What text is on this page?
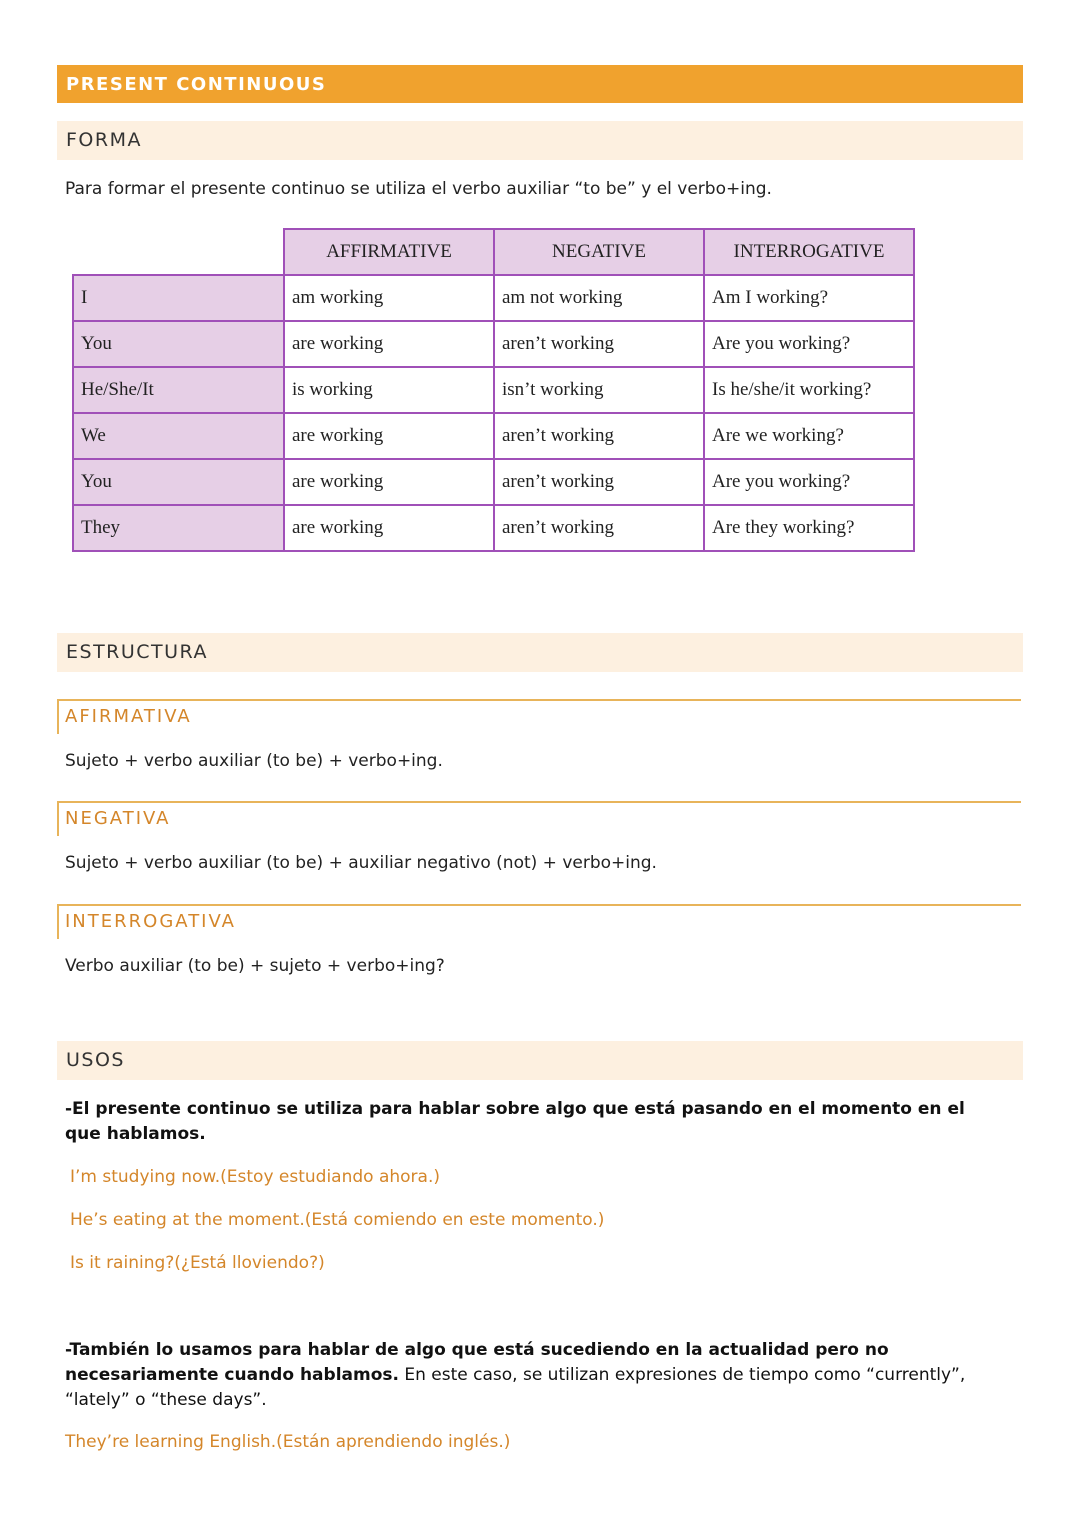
PRESENT CONTINUOUS
FORMA
Para formar el presente continuo se utiliza el verbo auxiliar “to be” y el verbo+ing.
	AFFIRMATIVE	NEGATIVE	INTERROGATIVE
I	am working	am not working	Am I working?
You	are working	aren’t working	Are you working?
He/She/It	is working	isn’t working	Is he/she/it working?
We	are working	aren’t working	Are we working?
You	are working	aren’t working	Are you working?
They	are working	aren’t working	Are they working?
ESTRUCTURA
AFIRMATIVA
Sujeto + verbo auxiliar (to be) + verbo+ing.
NEGATIVA
Sujeto + verbo auxiliar (to be) + auxiliar negativo (not) + verbo+ing.
INTERROGATIVA
Verbo auxiliar (to be) + sujeto + verbo+ing?
USOS
-El presente continuo se utiliza para hablar sobre algo que está pasando en el momento en el que hablamos.
I’m studying now.(Estoy estudiando ahora.)
He’s eating at the moment.(Está comiendo en este momento.)
Is it raining?(¿Está lloviendo?)
-También lo usamos para hablar de algo que está sucediendo en la actualidad pero no necesariamente cuando hablamos. En este caso, se utilizan expresiones de tiempo como “currently”, “lately” o “these days”.
They’re learning English.(Están aprendiendo inglés.)
